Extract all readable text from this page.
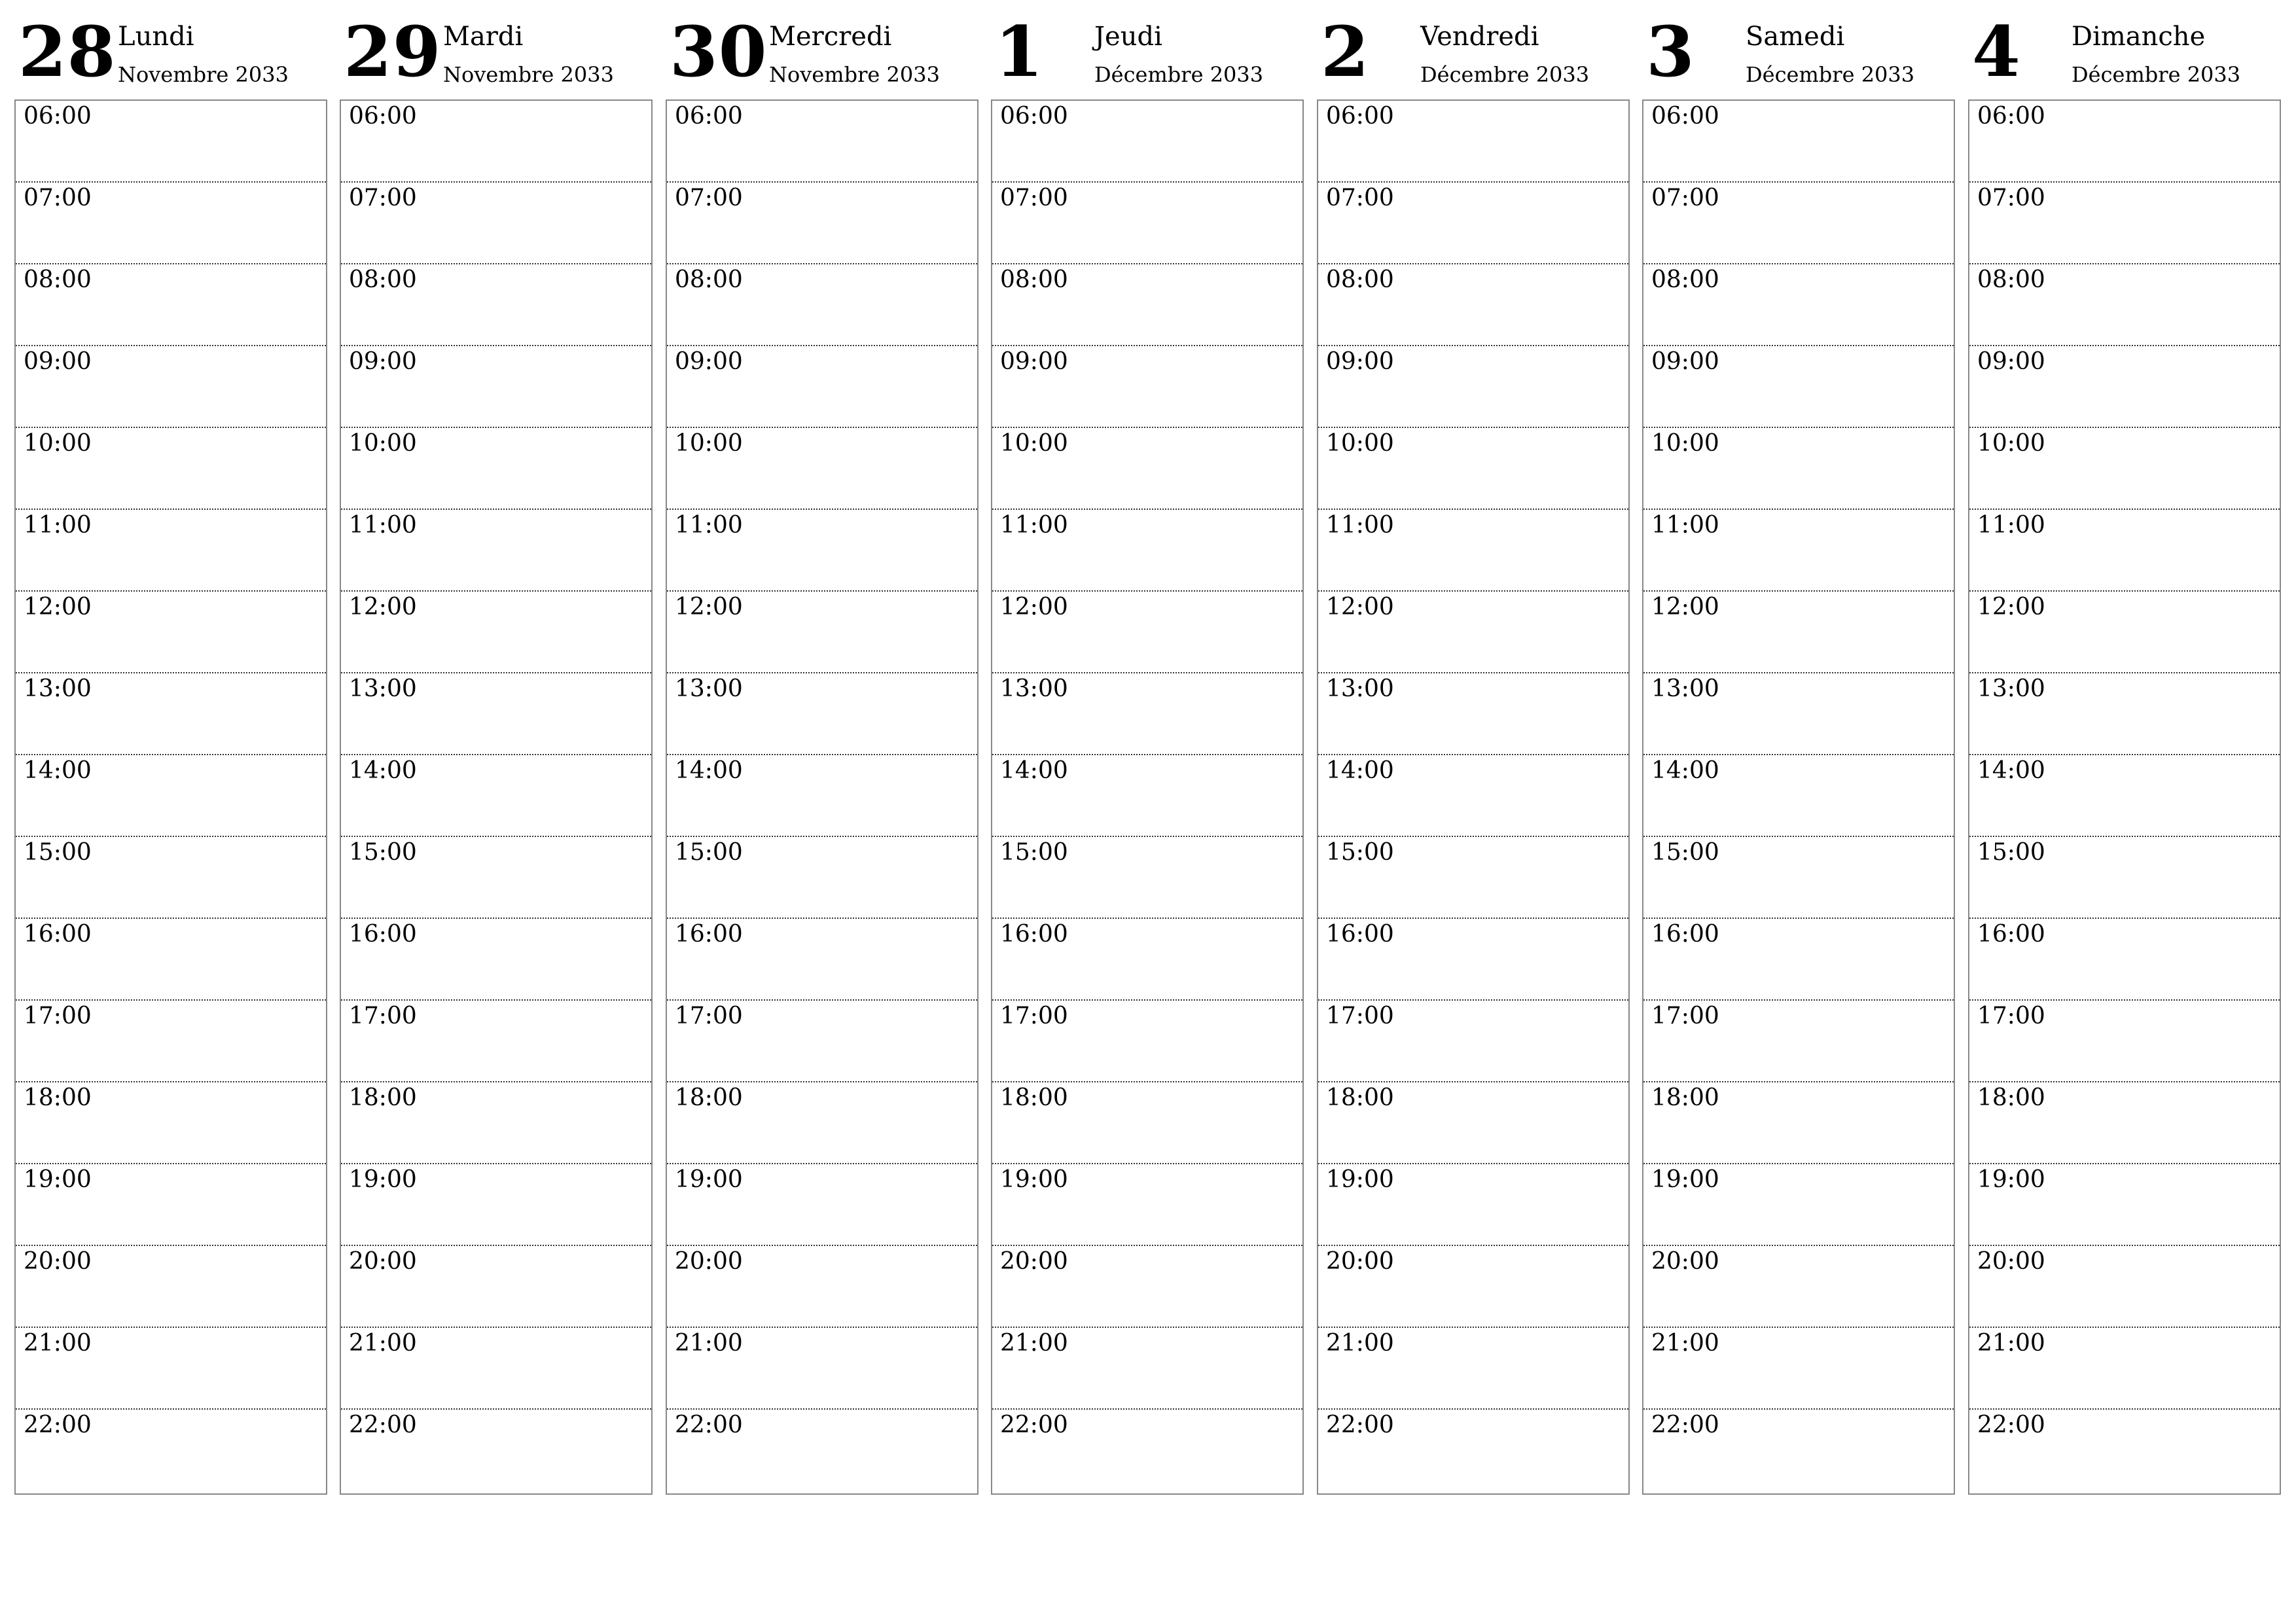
28 Lundi
Novembre 2033
06:00
07:00
08:00
09:00
10:00
11:00
12:00
13:00
14:00
15:00
16:00
17:00
18:00
19:00
20:00
21:00
22:00
29 Mardi
Novembre 2033
06:00
07:00
08:00
09:00
10:00
11:00
12:00
13:00
14:00
15:00
16:00
17:00
18:00
19:00
20:00
21:00
22:00
30 Mercredi
Novembre 2033
06:00
07:00
08:00
09:00
10:00
11:00
12:00
13:00
14:00
15:00
16:00
17:00
18:00
19:00
20:00
21:00
22:00
1 Jeudi
Décembre 2033
06:00
07:00
08:00
09:00
10:00
11:00
12:00
13:00
14:00
15:00
16:00
17:00
18:00
19:00
20:00
21:00
22:00
2 Vendredi
Décembre 2033
06:00
07:00
08:00
09:00
10:00
11:00
12:00
13:00
14:00
15:00
16:00
17:00
18:00
19:00
20:00
21:00
22:00
3 Samedi
Décembre 2033
06:00
07:00
08:00
09:00
10:00
11:00
12:00
13:00
14:00
15:00
16:00
17:00
18:00
19:00
20:00
21:00
22:00
4 Dimanche
Décembre 2033
06:00
07:00
08:00
09:00
10:00
11:00
12:00
13:00
14:00
15:00
16:00
17:00
18:00
19:00
20:00
21:00
22:00
